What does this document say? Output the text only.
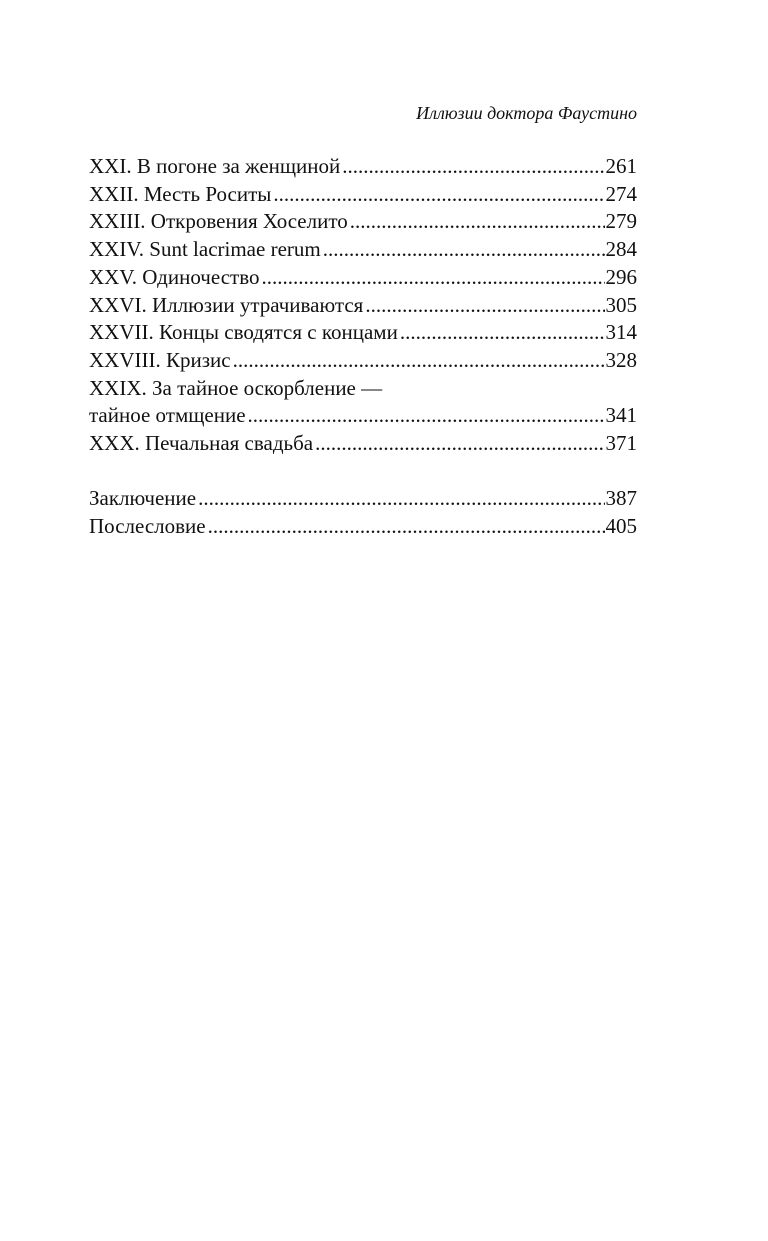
Иллюзии доктора Фаустино
XXI. В погоне за женщиной .....	261
XXII. Месть Роситы .....	274
XXIII. Откровения Хоселито .....	279
XXIV. Sunt lacrimae rerum .....	284
XXV. Одиночество .....	296
XXVI. Иллюзии утрачиваются .....	305
XXVII. Концы сводятся с концами .....	314
XXVIII. Кризис .....	328
XXIX. За тайное оскорбление —
тайное отмщение .....	341
XXX. Печальная свадьба .....	371
Заключение .....	387
Послесловие .....	405
